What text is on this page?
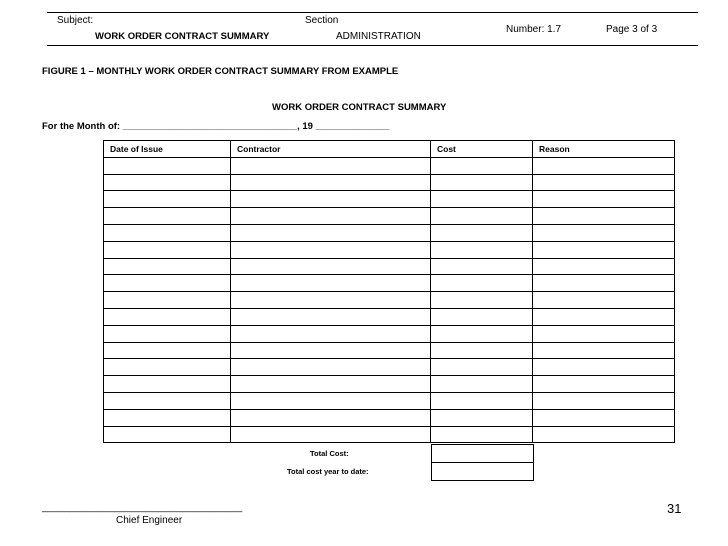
Subject:
WORK ORDER CONTRACT SUMMARY
Section
ADMINISTRATION
Number: 1.7	Page 3 of 3
FIGURE 1 – MONTHLY WORK ORDER CONTRACT SUMMARY FROM EXAMPLE
WORK ORDER CONTRACT SUMMARY
For the Month of: _________________________________, 19 ______________
Date of Issue	Contractor	Cost	Reason

Total Cost:
Total cost year to date:
____________________________________
Chief Engineer
31
